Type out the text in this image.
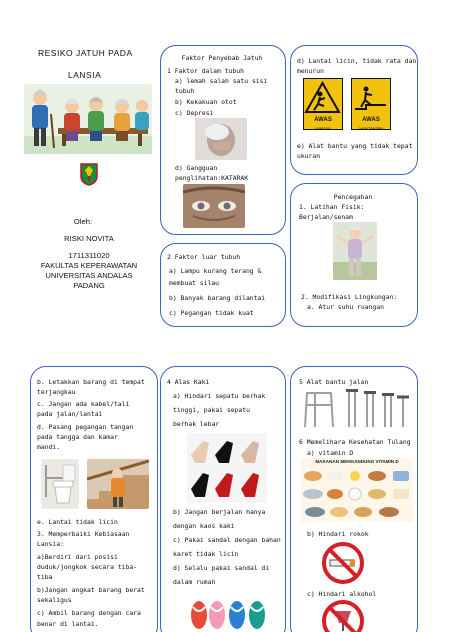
RESIKO JATUH PADA
LANSIA
Oleh:
RISKI NOVITA
1711311020
FAKULTAS KEPERAWATAN
UNIVERSITAS ANDALAS
PADANG
Faktor Penyebab Jatuh
1 Faktor dalam tubuh
a) lemah salah satu sisi
tubuh
b) Kekakuan otot
c) Depresi
d) Gangguan
penglihatan:KATARAK
2 Faktor luar tubuh
a) Lampu kurang terang &
membuat silau
b) Banyak barang dilantai
c) Pegangan tidak kuat
d) Lantai licin, tidak rata dan
menurun
AWAS
Lantai Licin
AWAS
Lantai Tidak Rata
e) Alat bantu yang tidak tepat
ukuran
Pencegahan
1. Latihan Fisik:
Berjalan/senam
2. Modifikasi Lingkungan:
a. Atur suhu ruangan
b. Letakkan barang di tempat
terjangkau
c. Jangan ada kabel/tali
pada jalan/lantai
d. Pasang pegangan tangan
pada tangga dan kamar
mandi.
e. Lantai tidak licin
3. Memperbaiki Kebiasaan
Lansia:
a)Berdiri dari posisi
duduk/jongkok secara tiba-
tiba
b)Jangan angkat barang berat
sekaligus
c) Ambil barang dengan cara
benar di lantai.
4 Alas Kaki
a) Hindari sepatu berhak
tinggi, pakai sepatu
berhak lebar
b) Jangan berjalan hanya
dengan kaos kaki
c) Pakai sandal dengan bahan
karet tidak licin
d) Selalu pakai sandal di
dalam rumah
5 Alat bantu jalan
6 Memelihara Kesehatan Tulang
a) vitamin D
MAKANAN MENGANDUNG VITAMIN D
b) Hindari rokok
c) Hindari alkohol
